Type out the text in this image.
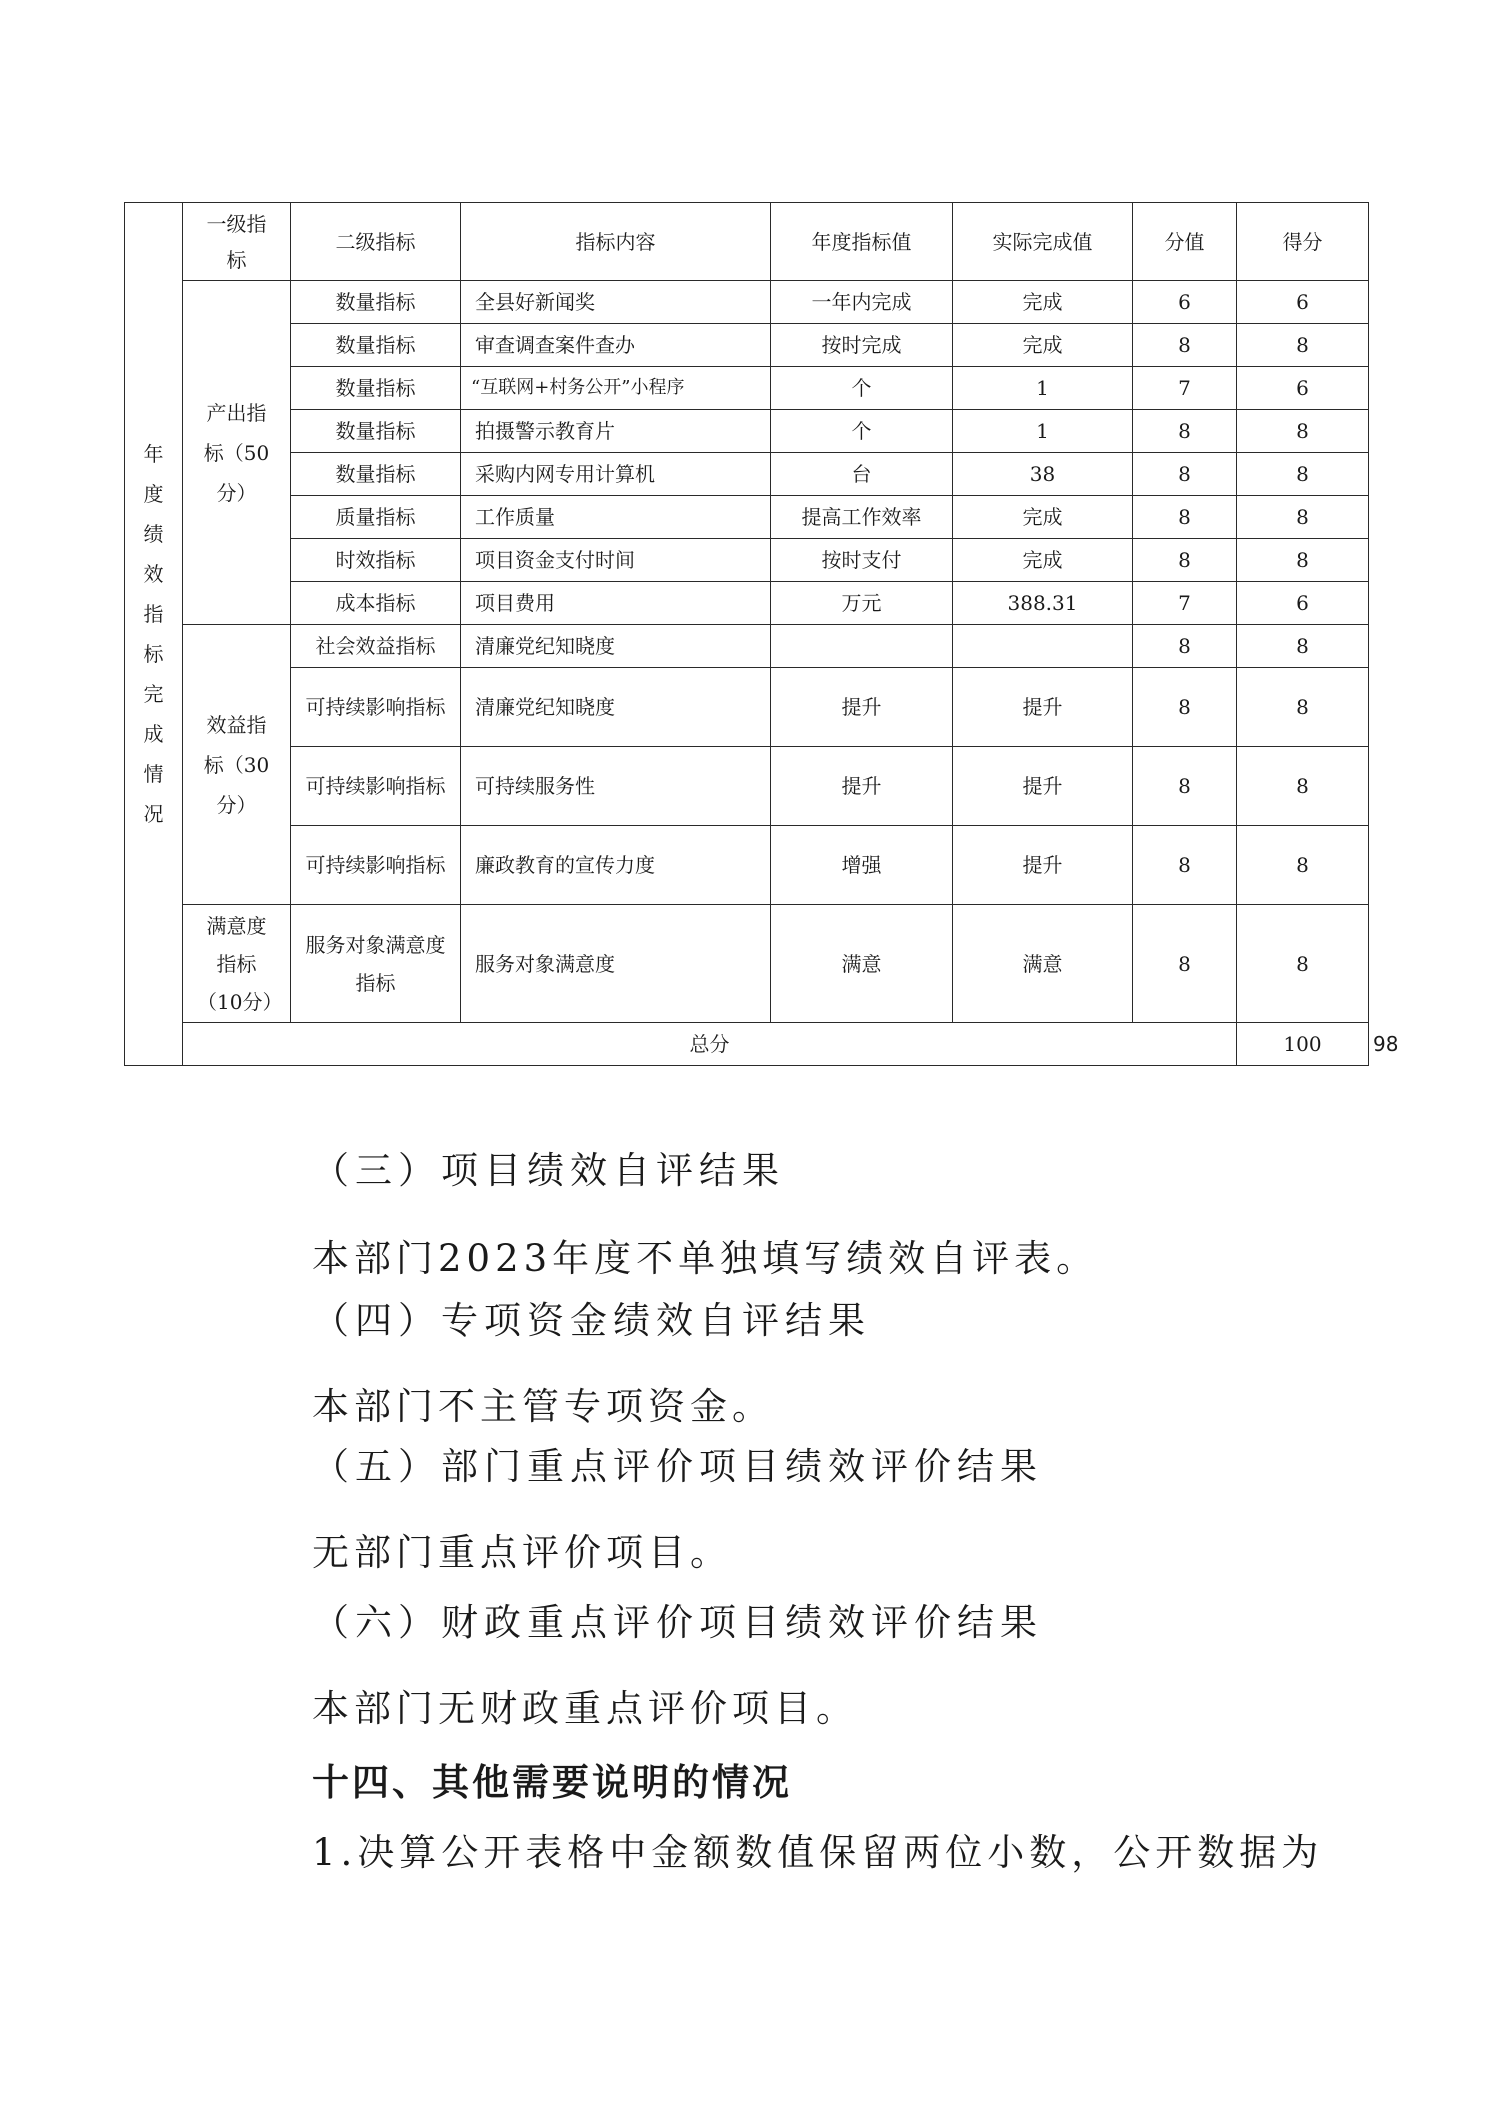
年度绩效指标完成情况	一级指标	二级指标	指标内容	年度指标值	实际完成值	分值	得分	
	产出指标（50分）	数量指标	全县好新闻奖	一年内完成	完成	6	6	
		数量指标	审查调查案件查办	按时完成	完成	8	8	
		数量指标	“互联网+村务公开”小程序	个	1	7	6	
		数量指标	拍摄警示教育片	个	1	8	8	
		数量指标	采购内网专用计算机	台	38	8	8	
		质量指标	工作质量	提高工作效率	完成	8	8	
		时效指标	项目资金支付时间	按时支付	完成	8	8	
		成本指标	项目费用	万元	388.31	7	6	
	效益指标（30分）	社会效益指标	清廉党纪知晓度			8	8	
		可持续影响指标	清廉党纪知晓度	提升	提升	8	8	
		可持续影响指标	可持续服务性	提升	提升	8	8	
		可持续影响指标	廉政教育的宣传力度	增强	提升	8	8	
	满意度指标（10分）	服务对象满意度指标	服务对象满意度	满意	满意	8	8	
	总分						100	98
（三）项目绩效自评结果
本部门2023年度不单独填写绩效自评表。
（四）专项资金绩效自评结果
本部门不主管专项资金。
（五）部门重点评价项目绩效评价结果
无部门重点评价项目。
（六）财政重点评价项目绩效评价结果
本部门无财政重点评价项目。
十四、其他需要说明的情况
1.决算公开表格中金额数值保留两位小数，公开数据为
